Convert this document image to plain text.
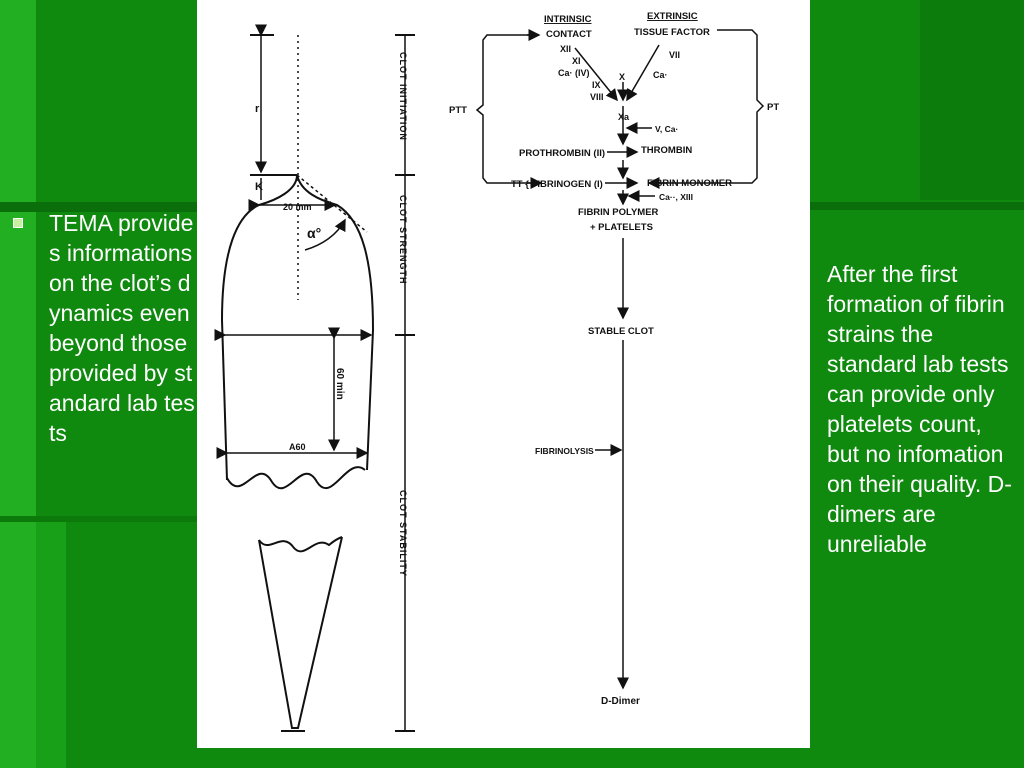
TEMA provides informations on the clot’s dynamics even beyond those provided by standard lab tests
After the first formation of fibrin strains the standard lab tests can provide only platelets count, but no infomation on their quality. D-dimers are unreliable
r
K
20 mm
α°
60 min
A60
CLOT INITIATION
CLOT STRENGTH
CLOT STABILITY
INTRINSIC
CONTACT
EXTRINSIC
TISSUE FACTOR
XII
XI
Ca· (IV)
IX
VIII
X
VII
Ca·
Xa
V, Ca·
PTT	PT
PROTHROMBIN (II)	THROMBIN
TT { FIBRINOGEN (I)	FIBRIN MONOMER
Ca··, XIII
FIBRIN POLYMER
+ PLATELETS
STABLE CLOT
FIBRINOLYSIS
D-Dimer
